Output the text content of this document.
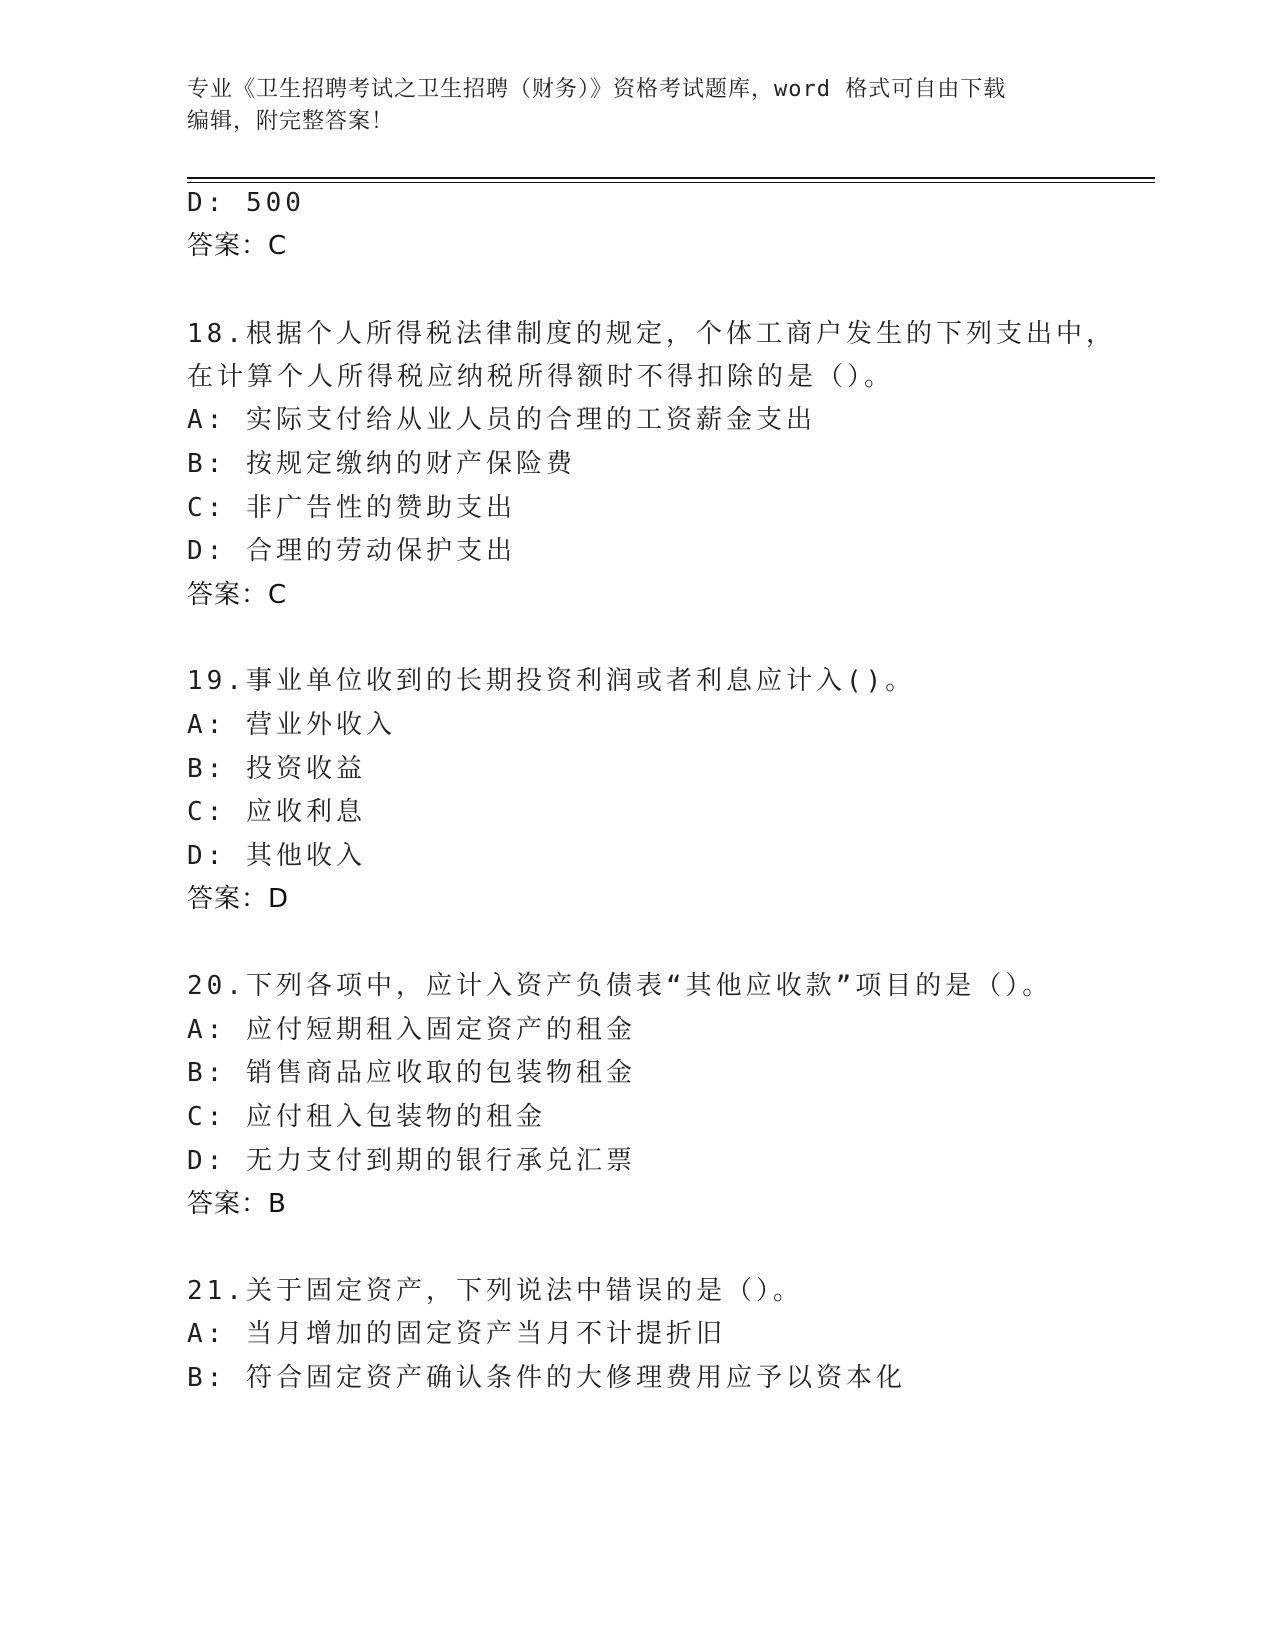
专业《卫生招聘考试之卫生招聘（财务）》资格考试题库，word 格式可自由下载
编辑，附完整答案！
D: 500
答案：C
18.根据个人所得税法律制度的规定，个体工商户发生的下列支出中，
在计算个人所得税应纳税所得额时不得扣除的是（）。
A: 实际支付给从业人员的合理的工资薪金支出
B: 按规定缴纳的财产保险费
C: 非广告性的赞助支出
D: 合理的劳动保护支出
答案：C
19.事业单位收到的长期投资利润或者利息应计入()。
A: 营业外收入
B: 投资收益
C: 应收利息
D: 其他收入
答案：D
20.下列各项中，应计入资产负债表“其他应收款”项目的是（）。
A: 应付短期租入固定资产的租金
B: 销售商品应收取的包装物租金
C: 应付租入包装物的租金
D: 无力支付到期的银行承兑汇票
答案：B
21.关于固定资产，下列说法中错误的是（）。
A: 当月增加的固定资产当月不计提折旧
B: 符合固定资产确认条件的大修理费用应予以资本化
